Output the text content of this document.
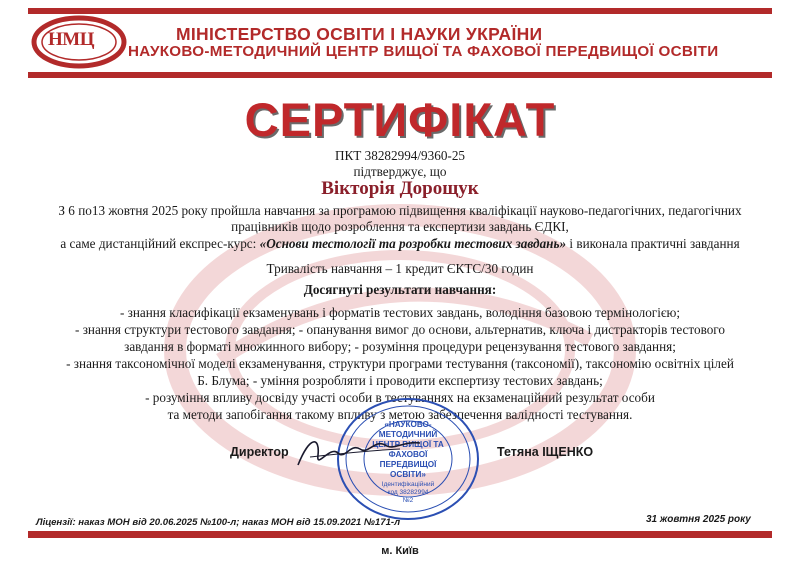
НМЦ	МІНІСТЕРСТВО ОСВІТИ І НАУКИ УКРАЇНИ
НАУКОВО-МЕТОДИЧНИЙ ЦЕНТР ВИЩОЇ ТА ФАХОВОЇ ПЕРЕДВИЩОЇ ОСВІТИ
СЕРТИФІКАТ
ПКТ 38282994/9360-25
підтверджує, що
Вікторія Дорощук
З 6 по13 жовтня 2025 року пройшла навчання за програмою підвищення кваліфікації науково-педагогічних, педагогічних
працівників щодо розроблення та експертизи завдань ЄДКІ,
а саме дистанційний експрес-курс: «Основи тестології та розробки тестових завдань» і виконала практичні завдання
Тривалість навчання – 1 кредит ЄКТС/30 годин
Досягнуті результати навчання:
- знання класифікації екзаменувань і форматів тестових завдань, володіння базовою термінологією;
- знання структури тестового завдання; - опанування вимог до основи, альтернатив, ключа і дистракторів тестового
завдання в форматі множинного вибору; - розуміння процедури рецензування тестового завдання;
- знання таксономічної моделі екзаменування, структури програми тестування (таксономії), таксономію освітніх цілей
Б. Блума; - уміння розробляти і проводити експертизу тестових завдань;
- розуміння впливу досвіду участі особи в тестуваннях на екзаменаційний результат особи
та методи запобігання такому впливу з метою забезпечення валідності тестування.
«НАУКОВО-
МЕТОДИЧНИЙ
ЦЕНТР ВИЩОЇ ТА
ФАХОВОЇ
ПЕРЕДВИЩОЇ
ОСВІТИ»
Ідентифікаційний
код 38282994
№2
Директор	Тетяна ІЩЕНКО
Ліцензії: наказ МОН від 20.06.2025 №100-л; наказ МОН від 15.09.2021 №171-л	31 жовтня 2025 року
м. Київ
